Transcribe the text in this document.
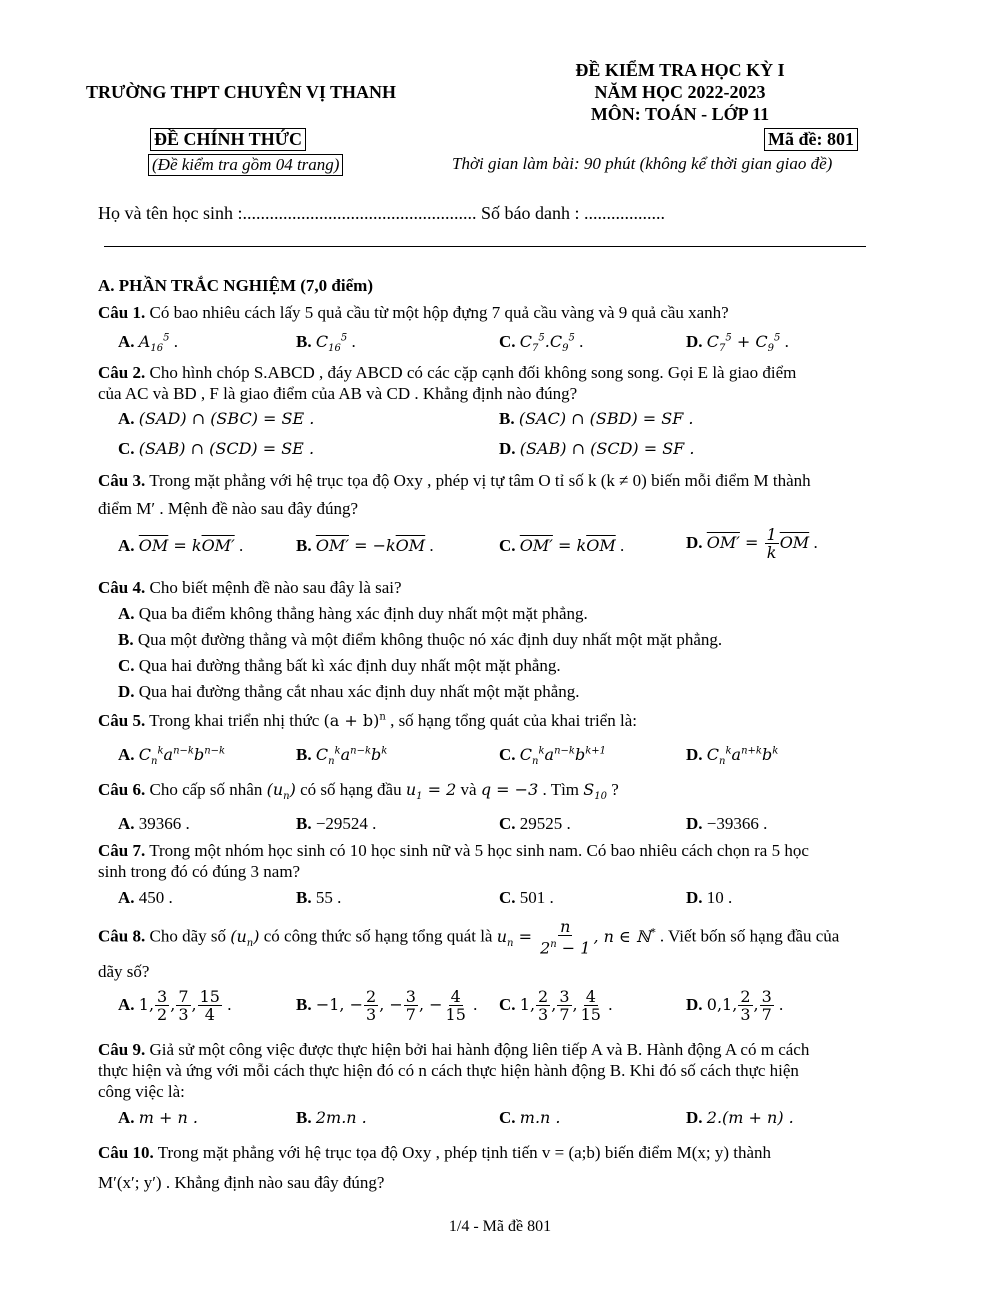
TRƯỜNG THPT CHUYÊN VỊ THANH
ĐỀ KIỂM TRA HỌC KỲ I
NĂM HỌC 2022-2023
MÔN: TOÁN - LỚP 11
ĐỀ CHÍNH THỨC
(Đề kiểm tra gồm 04 trang)
Mã đề: 801
Thời gian làm bài: 90 phút (không kể thời gian giao đề)
Họ và tên học sinh :.................................................... Số báo danh : ..................
A. PHẦN TRẮC NGHIỆM (7,0 điểm)
Câu 1. Có bao nhiêu cách lấy 5 quả cầu từ một hộp đựng 7 quả cầu vàng và 9 quả cầu xanh?
A. $A_{16}^5$ .	B. $C_{16}^5$ .	C. $C_7^5.C_9^5$ .	D. $C_7^5 + C_9^5$ .
Câu 2. Cho hình chóp S.ABCD , đáy ABCD có các cặp cạnh đối không song song. Gọi E là giao điểm
của AC và BD , F là giao điểm của AB và CD . Khẳng định nào đúng?
A. (SAD) ∩ (SBC) = SE .	B. (SAC) ∩ (SBD) = SF .
C. (SAB) ∩ (SCD) = SE .	D. (SAB) ∩ (SCD) = SF .
Câu 3. Trong mặt phẳng với hệ trục tọa độ Oxy , phép vị tự tâm O tỉ số k (k ≠ 0) biến mỗi điểm M thành
điểm M′ . Mệnh đề nào sau đây đúng?
A. $\overline{OM} = kOM'$ .	B. $OM' = -k\overline{OM}$ .	C. $OM' = k\overline{OM}$ .	D. $OM' = \frac{1}{k} \overline{OM}$ .
Câu 4. Cho biết mệnh đề nào sau đây là sai?
A. Qua ba điểm không thẳng hàng xác định duy nhất một mặt phẳng.
B. Qua một đường thẳng và một điểm không thuộc nó xác định duy nhất một mặt phẳng.
C. Qua hai đường thẳng bất kì xác định duy nhất một mặt phẳng.
D. Qua hai đường thẳng cắt nhau xác định duy nhất một mặt phẳng.
Câu 5. Trong khai triển nhị thức $(a + b)^n$ , số hạng tổng quát của khai triển là:
A. $C_n^ka^{n-k}b^{n-k}$	B. $C_n^ka^{n-k}b^k$	C. $C_n^ka^{n-k}b^{k+1}$	D. $C_n^ka^{n+k}b^k$
Câu 6. Cho cấp số nhân $(u_n)$ có số hạng đầu $u_1 = 2$ và q = −3 . Tìm $S_{10}$ ?
A. 39366 .	B. −29524 .	C. 29525 .	D. −39366 .
Câu 7. Trong một nhóm học sinh có 10 học sinh nữ và 5 học sinh nam. Có bao nhiêu cách chọn ra 5 học
sinh trong đó có đúng 3 nam?
A. 450 .	B. 55 .	C. 501 .	D. 10 .
Câu 8. Cho dãy số $(u_n)$ có công thức số hạng tổng quát là $u_n = \frac{n}{2^n - 1}$ , n ∈ ℕ* . Viết bốn số hạng đầu của
dãy số?
A. 1, $\frac{3}{2}$ , $\frac{7}{3}$ , $\frac{15}{4}$ .	B. −1, − $\frac{2}{3}$ , − $\frac{3}{7}$ , − $\frac{4}{15}$ . C. 1, $\frac{2}{3}$ , $\frac{3}{7}$ , $\frac{4}{15}$ .	D. 0,1, $\frac{2}{3}$ , $\frac{3}{7}$ .
Câu 9. Giả sử một công việc được thực hiện bởi hai hành động liên tiếp A và B. Hành động A có m cách
thực hiện và ứng với mỗi cách thực hiện đó có n cách thực hiện hành động B. Khi đó số cách thực hiện
công việc là:
A. m + n .	B. 2m.n .	C. m.n .	D. 2.(m + n) .
Câu 10. Trong mặt phẳng với hệ trục tọa độ Oxy , phép tịnh tiến v = (a;b) biến điểm M(x; y) thành
M′(x′; y′) . Khẳng định nào sau đây đúng?
1/4 - Mã đề 801
